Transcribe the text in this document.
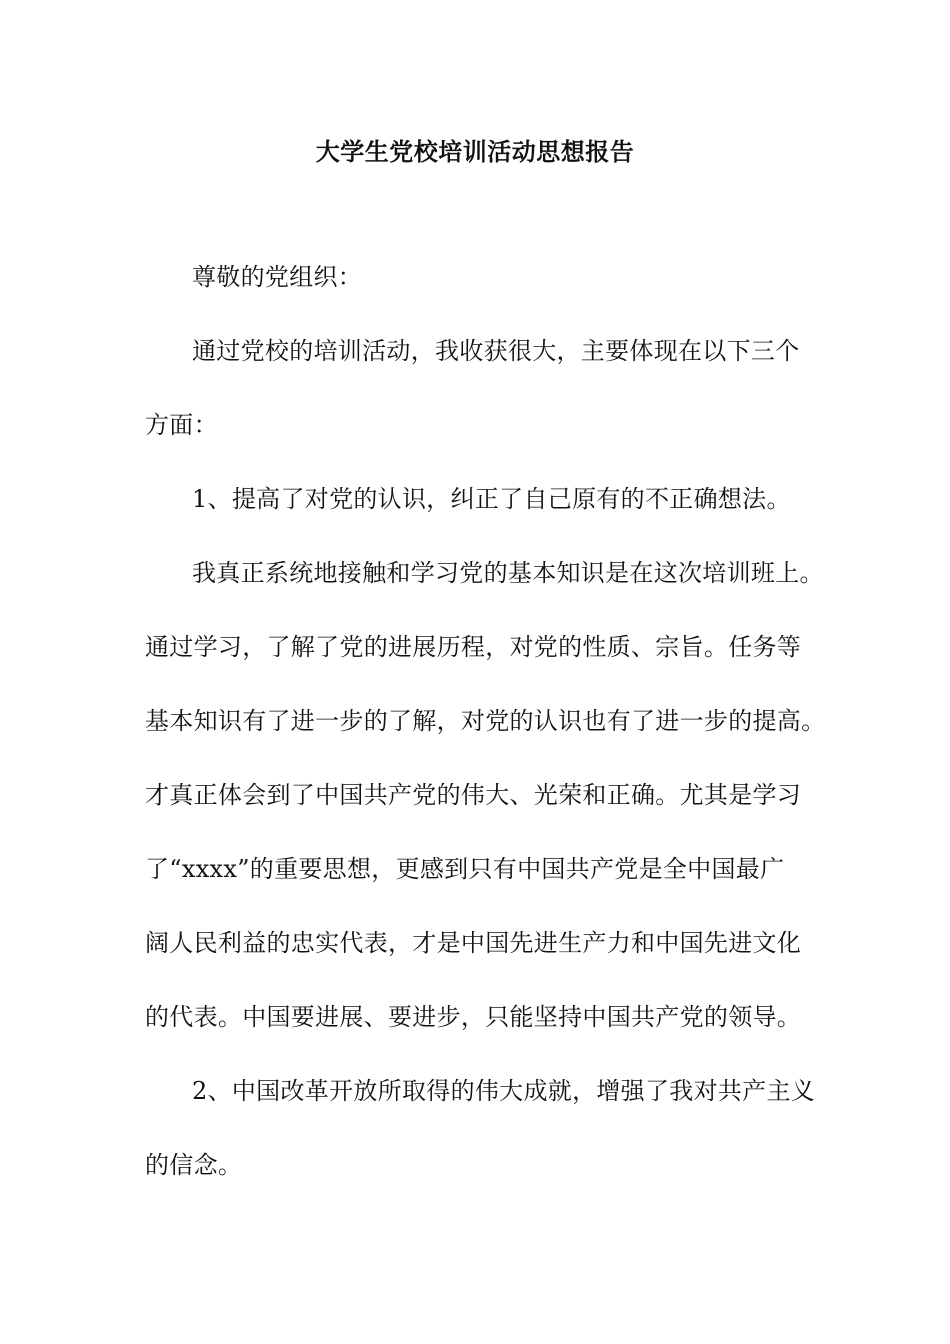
大学生党校培训活动思想报告
尊敬的党组织：
通过党校的培训活动，我收获很大，主要体现在以下三个
方面：
1、提高了对党的认识，纠正了自己原有的不正确想法。
我真正系统地接触和学习党的基本知识是在这次培训班上。
通过学习，了解了党的进展历程，对党的性质、宗旨。任务等
基本知识有了进一步的了解，对党的认识也有了进一步的提高。
才真正体会到了中国共产党的伟大、光荣和正确。尤其是学习
了“xxxx”的重要思想，更感到只有中国共产党是全中国最广
阔人民利益的忠实代表，才是中国先进生产力和中国先进文化
的代表。中国要进展、要进步，只能坚持中国共产党的领导。
2、中国改革开放所取得的伟大成就，增强了我对共产主义
的信念。
